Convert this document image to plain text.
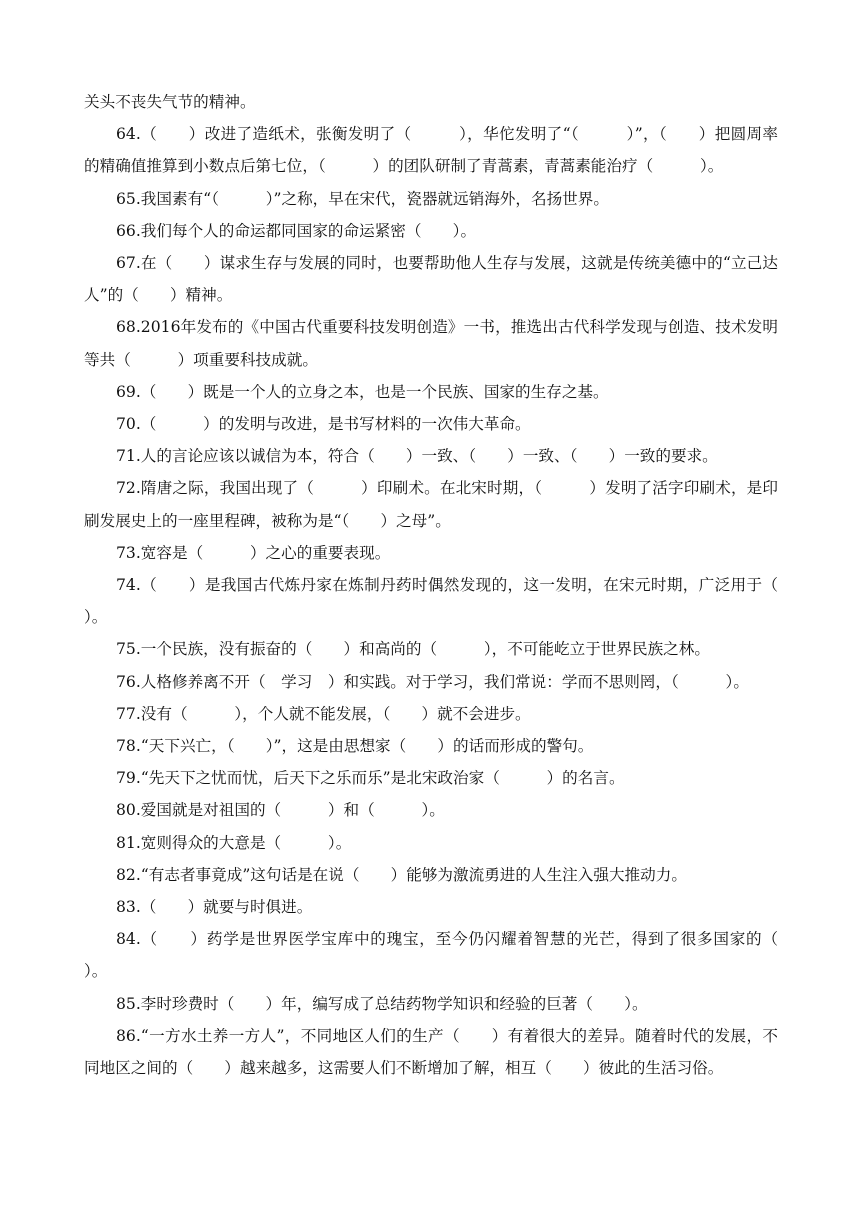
关头不丧失气节的精神。

64.（　　）改进了造纸术，张衡发明了（　　　），华佗发明了“（　　　）”，（　　）把圆周率的精确值推算到小数点后第七位，（　　　）的团队研制了青蒿素，青蒿素能治疗（　　　）。

65.我国素有“（　　　）”之称，早在宋代，瓷器就远销海外，名扬世界。

66.我们每个人的命运都同国家的命运紧密（　　）。

67.在（　　）谋求生存与发展的同时，也要帮助他人生存与发展，这就是传统美德中的“立己达人”的（　　）精神。

68.2016年发布的《中国古代重要科技发明创造》一书，推选出古代科学发现与创造、技术发明等共（　　　）项重要科技成就。

69.（　　）既是一个人的立身之本，也是一个民族、国家的生存之基。

70.（　　　）的发明与改进，是书写材料的一次伟大革命。

71.人的言论应该以诚信为本，符合（　　）一致、（　　）一致、（　　）一致的要求。

72.隋唐之际，我国出现了（　　　）印刷术。在北宋时期，（　　　）发明了活字印刷术，是印刷发展史上的一座里程碑，被称为是“（　　）之母”。

73.宽容是（　　　）之心的重要表现。

74.（　　）是我国古代炼丹家在炼制丹药时偶然发现的，这一发明，在宋元时期，广泛用于（　　）。

75.一个民族，没有振奋的（　　）和高尚的（　　　），不可能屹立于世界民族之林。

76.人格修养离不开（　学习　）和实践。对于学习，我们常说：学而不思则罔，（　　　）。

77.没有（　　　），个人就不能发展，（　　）就不会进步。

78.“天下兴亡，（　　）”，这是由思想家（　　）的话而形成的警句。

79.“先天下之忧而忧，后天下之乐而乐”是北宋政治家（　　　）的名言。

80.爱国就是对祖国的（　　　）和（　　　）。

81.宽则得众的大意是（　　　）。

82.“有志者事竟成”这句话是在说（　　）能够为激流勇进的人生注入强大推动力。

83.（　　）就要与时俱进。

84.（　　）药学是世界医学宝库中的瑰宝，至今仍闪耀着智慧的光芒，得到了很多国家的（　　）。

85.李时珍费时（　　）年，编写成了总结药物学知识和经验的巨著（　　）。

86.“一方水土养一方人”，不同地区人们的生产（　　）有着很大的差异。随着时代的发展，不同地区之间的（　　）越来越多，这需要人们不断增加了解，相互（　　）彼此的生活习俗。
